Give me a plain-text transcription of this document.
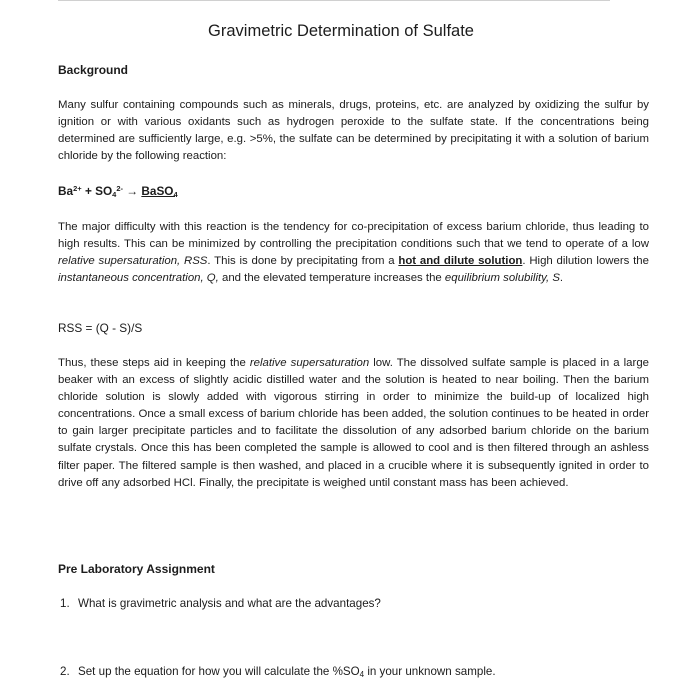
Gravimetric Determination of Sulfate
Background

Many sulfur containing compounds such as minerals, drugs, proteins, etc. are analyzed by oxidizing the sulfur by ignition or with various oxidants such as hydrogen peroxide to the sulfate state. If the concentrations being determined are sufficiently large, e.g. >5%, the sulfate can be determined by precipitating it with a solution of barium chloride by the following reaction:

$Ba^{2+} + SO_4^{2-}$ → BaSO$_4$

The major difficulty with this reaction is the tendency for co-precipitation of excess barium chloride, thus leading to high results. This can be minimized by controlling the precipitation conditions such that we tend to operate of a low relative supersaturation, RSS. This is done by precipitating from a hot and dilute solution. High dilution lowers the instantaneous concentration, Q, and the elevated temperature increases the equilibrium solubility, S.

RSS = (Q - S)/S

Thus, these steps aid in keeping the relative supersaturation low. The dissolved sulfate sample is placed in a large beaker with an excess of slightly acidic distilled water and the solution is heated to near boiling. Then the barium chloride solution is slowly added with vigorous stirring in order to minimize the build-up of localized high concentrations. Once a small excess of barium chloride has been added, the solution continues to be heated in order to gain larger precipitate particles and to facilitate the dissolution of any adsorbed barium chloride on the barium sulfate crystals. Once this has been completed the sample is allowed to cool and is then filtered through an ashless filter paper. The filtered sample is then washed, and placed in a crucible where it is subsequently ignited in order to drive off any adsorbed HCl. Finally, the precipitate is weighed until constant mass has been achieved.

Pre Laboratory Assignment

1. What is gravimetric analysis and what are the advantages?

2. Set up the equation for how you will calculate the $\%SO_4$ in your unknown sample.
